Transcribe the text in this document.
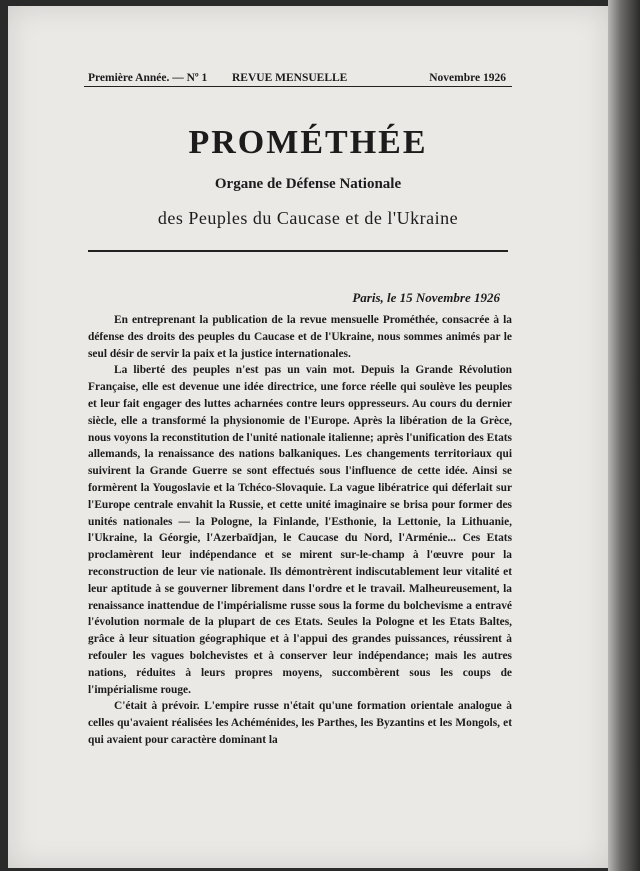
Première Année. — Nº 1 REVUE MENSUELLE	Novembre 1926
PROMÉTHÉE
Organe de Défense Nationale
des Peuples du Caucase et de l'Ukraine
Paris, le 15 Novembre 1926

En entreprenant la publication de la revue mensuelle Prométhée, consacrée à la défense des droits des peuples du Caucase et de l'Ukraine, nous sommes animés par le seul désir de servir la paix et la justice internationales.

La liberté des peuples n'est pas un vain mot. Depuis la Grande Révolution Française, elle est devenue une idée directrice, une force réelle qui soulève les peuples et leur fait engager des luttes acharnées contre leurs oppresseurs. Au cours du dernier siècle, elle a transformé la physionomie de l'Europe. Après la libération de la Grèce, nous voyons la reconstitution de l'unité nationale italienne; après l'unification des Etats allemands, la renaissance des nations balkaniques. Les changements territoriaux qui suivirent la Grande Guerre se sont effectués sous l'influence de cette idée. Ainsi se formèrent la Yougoslavie et la Tchéco-Slovaquie. La vague libératrice qui déferlait sur l'Europe centrale envahit la Russie, et cette unité imaginaire se brisa pour former des unités nationales — la Pologne, la Finlande, l'Esthonie, la Lettonie, la Lithuanie, l'Ukraine, la Géorgie, l'Azerbaïdjan, le Caucase du Nord, l'Arménie... Ces Etats proclamèrent leur indépendance et se mirent sur-le-champ à l'œuvre pour la reconstruction de leur vie nationale. Ils démontrèrent indiscutablement leur vitalité et leur aptitude à se gouverner librement dans l'ordre et le travail. Malheureusement, la renaissance inattendue de l'impérialisme russe sous la forme du bolchevisme a entravé l'évolution normale de la plupart de ces Etats. Seules la Pologne et les Etats Baltes, grâce à leur situation géographique et à l'appui des grandes puissances, réussirent à refouler les vagues bolchevistes et à conserver leur indépendance; mais les autres nations, réduites à leurs propres moyens, succombèrent sous les coups de l'impérialisme rouge.

C'était à prévoir. L'empire russe n'était qu'une formation orientale analogue à celles qu'avaient réalisées les Achéménides, les Parthes, les Byzantins et les Mongols, et qui avaient pour caractère dominant la
